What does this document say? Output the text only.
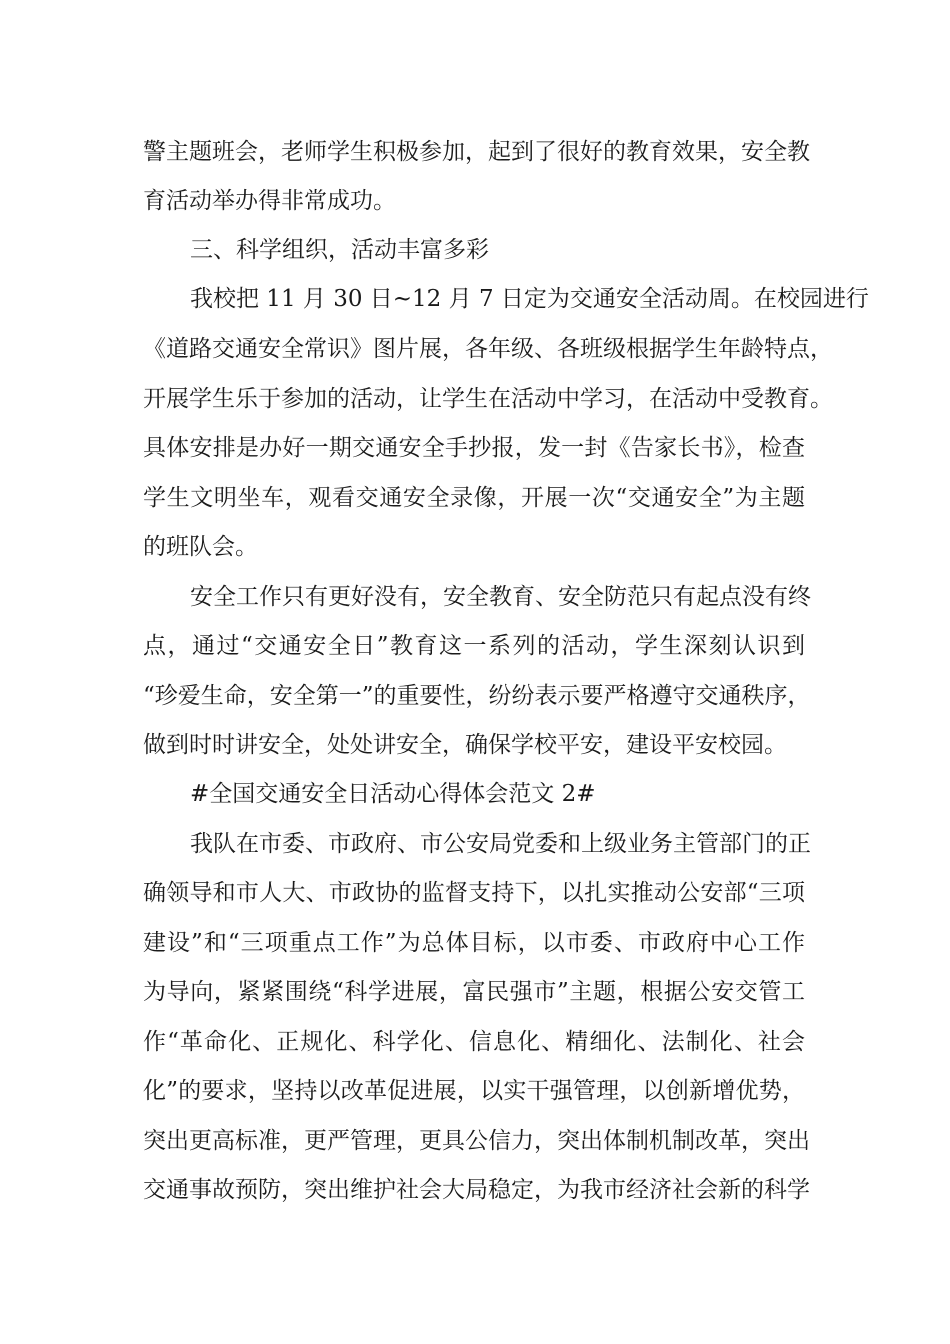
警主题班会，老师学生积极参加，起到了很好的教育效果，安全教

育活动举办得非常成功。

三、科学组织，活动丰富多彩

我校把 11 月 30 日~12 月 7 日定为交通安全活动周。在校园进行

《道路交通安全常识》图片展，各年级、各班级根据学生年龄特点，

开展学生乐于参加的活动，让学生在活动中学习，在活动中受教育。

具体安排是办好一期交通安全手抄报，发一封《告家长书》，检查

学生文明坐车，观看交通安全录像，开展一次“交通安全”为主题

的班队会。

安全工作只有更好没有，安全教育、安全防范只有起点没有终

点，通过“交通安全日”教育这一系列的活动，学生深刻认识到

“珍爱生命，安全第一”的重要性，纷纷表示要严格遵守交通秩序，

做到时时讲安全，处处讲安全，确保学校平安，建设平安校园。

#全国交通安全日活动心得体会范文 2#

我队在市委、市政府、市公安局党委和上级业务主管部门的正

确领导和市人大、市政协的监督支持下，以扎实推动公安部“三项

建设”和“三项重点工作”为总体目标，以市委、市政府中心工作

为导向，紧紧围绕“科学进展，富民强市”主题，根据公安交管工

作“革命化、正规化、科学化、信息化、精细化、法制化、社会

化”的要求，坚持以改革促进展，以实干强管理，以创新增优势，

突出更高标准，更严管理，更具公信力，突出体制机制改革，突出

交通事故预防，突出维护社会大局稳定，为我市经济社会新的科学
